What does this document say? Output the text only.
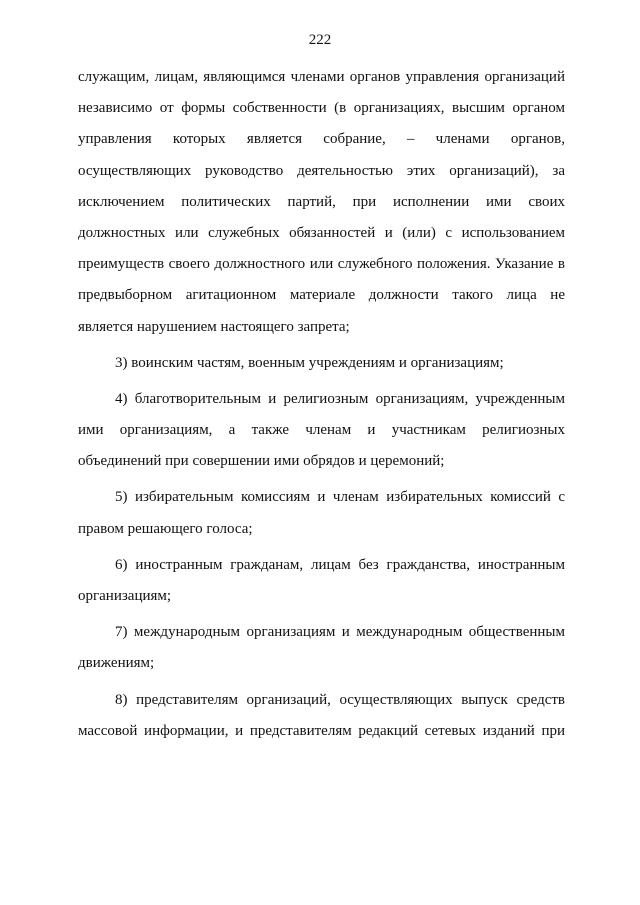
222
служащим, лицам, являющимся членами органов управления организаций
независимо от формы собственности (в организациях, высшим органом
управления которых является собрание, – членами органов,
осуществляющих руководство деятельностью этих организаций), за
исключением политических партий, при исполнении ими своих
должностных или служебных обязанностей и (или) с использованием
преимуществ своего должностного или служебного положения. Указание в
предвыборном агитационном материале должности такого лица не
является нарушением настоящего запрета;
3) воинским частям, военным учреждениям и организациям;
4) благотворительным и религиозным организациям, учрежденным
ими организациям, а также членам и участникам религиозных
объединений при совершении ими обрядов и церемоний;
5) избирательным комиссиям и членам избирательных комиссий с
правом решающего голоса;
6) иностранным гражданам, лицам без гражданства, иностранным
организациям;
7) международным организациям и международным общественным
движениям;
8) представителям организаций, осуществляющих выпуск средств
массовой информации, и представителям редакций сетевых изданий при
